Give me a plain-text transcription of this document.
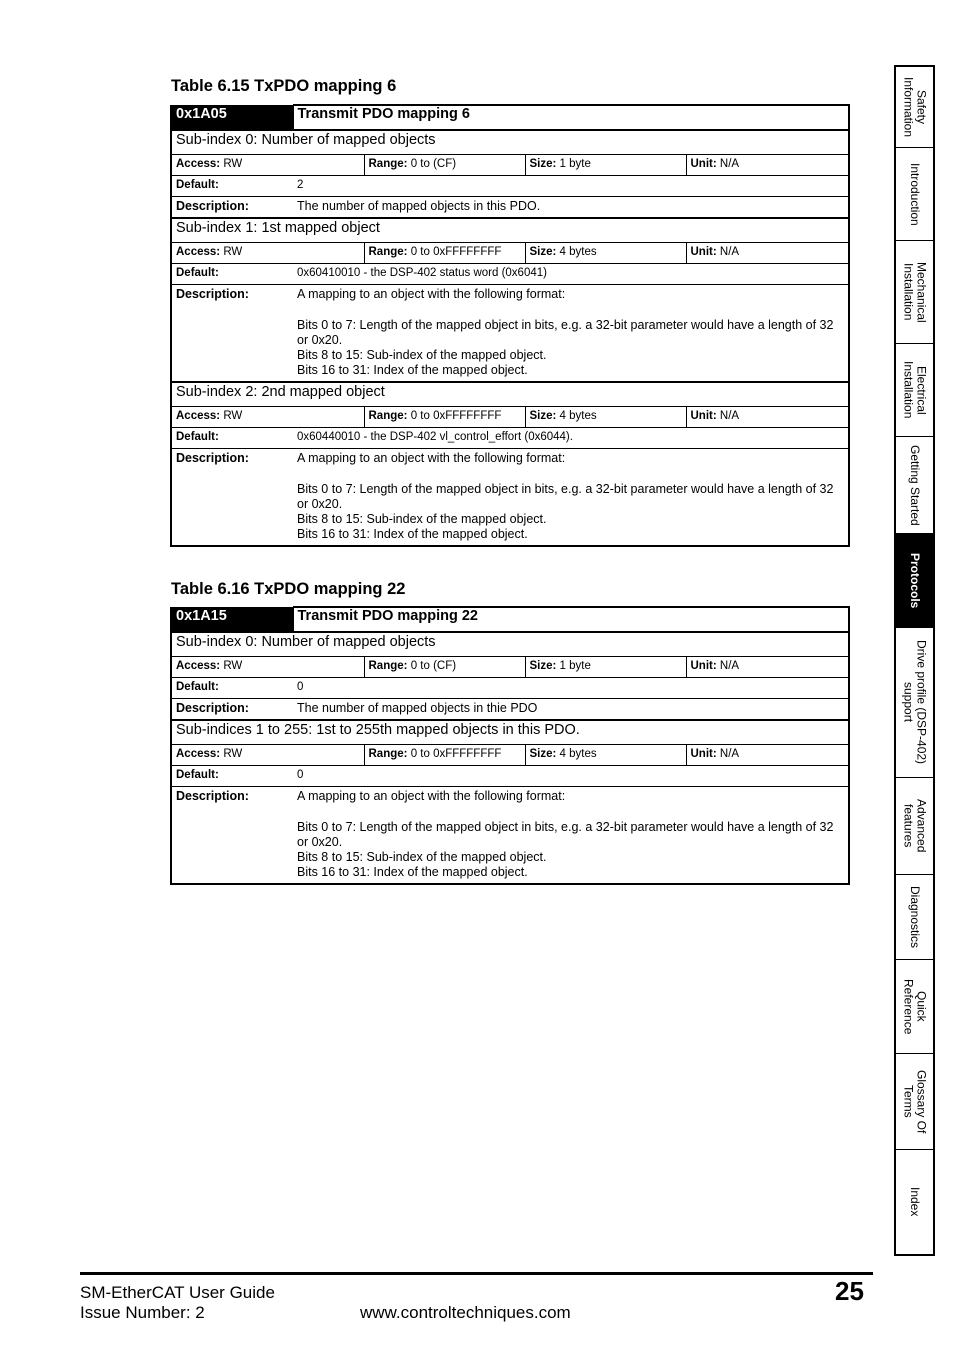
Table 6.15 TxPDO mapping 6
0x1A05	Transmit PDO mapping 6			
Sub-index 0: Number of mapped objects				
Access: RW		Range: 0 to (CF)	Size: 1 byte	Unit: N/A
Default:	2			
Description:	The number of mapped objects in this PDO.			
Sub-index 1: 1st mapped object				
Access: RW		Range: 0 to 0xFFFFFFFF	Size: 4 bytes	Unit: N/A
Default:	0x60410010 - the DSP-402 status word (0x6041)			
Description:	A mapping to an object with the following format:
Bits 0 to 7: Length of the mapped object in bits, e.g. a 32-bit parameter would have a length of 32 or 0x20.
Bits 8 to 15: Sub-index of the mapped object.
Bits 16 to 31: Index of the mapped object.			

Sub-index 2: 2nd mapped object				
Access: RW		Range: 0 to 0xFFFFFFFF	Size: 4 bytes	Unit: N/A
Default:	0x60440010 - the DSP-402 vl_control_effort (0x6044).			
Description:	A mapping to an object with the following format:
Bits 0 to 7: Length of the mapped object in bits, e.g. a 32-bit parameter would have a length of 32 or 0x20.
Bits 8 to 15: Sub-index of the mapped object.
Bits 16 to 31: Index of the mapped object.			
Table 6.16 TxPDO mapping 22
0x1A15	Transmit PDO mapping 22			
Sub-index 0: Number of mapped objects				
Access: RW		Range: 0 to (CF)	Size: 1 byte	Unit: N/A
Default:	0			
Description:	The number of mapped objects in thie PDO			
Sub-indices 1 to 255: 1st to 255th mapped objects in this PDO.				
Access: RW		Range: 0 to 0xFFFFFFFF	Size: 4 bytes	Unit: N/A
Default:	0			
Description:	A mapping to an object with the following format:
Bits 0 to 7: Length of the mapped object in bits, e.g. a 32-bit parameter would have a length of 32 or 0x20.
Bits 8 to 15: Sub-index of the mapped object.
Bits 16 to 31: Index of the mapped object.			
Safety
Information
Introduction
Mechanical
Installation
Electrical
Installation
Getting Started
Protocols
Drive profile (DSP-402)
support
Advanced
features
Diagnostics
Quick
Reference
Glossary Of
Terms
Index
SM-EtherCAT User Guide
Issue Number: 2	www.controltechniques.com
25
